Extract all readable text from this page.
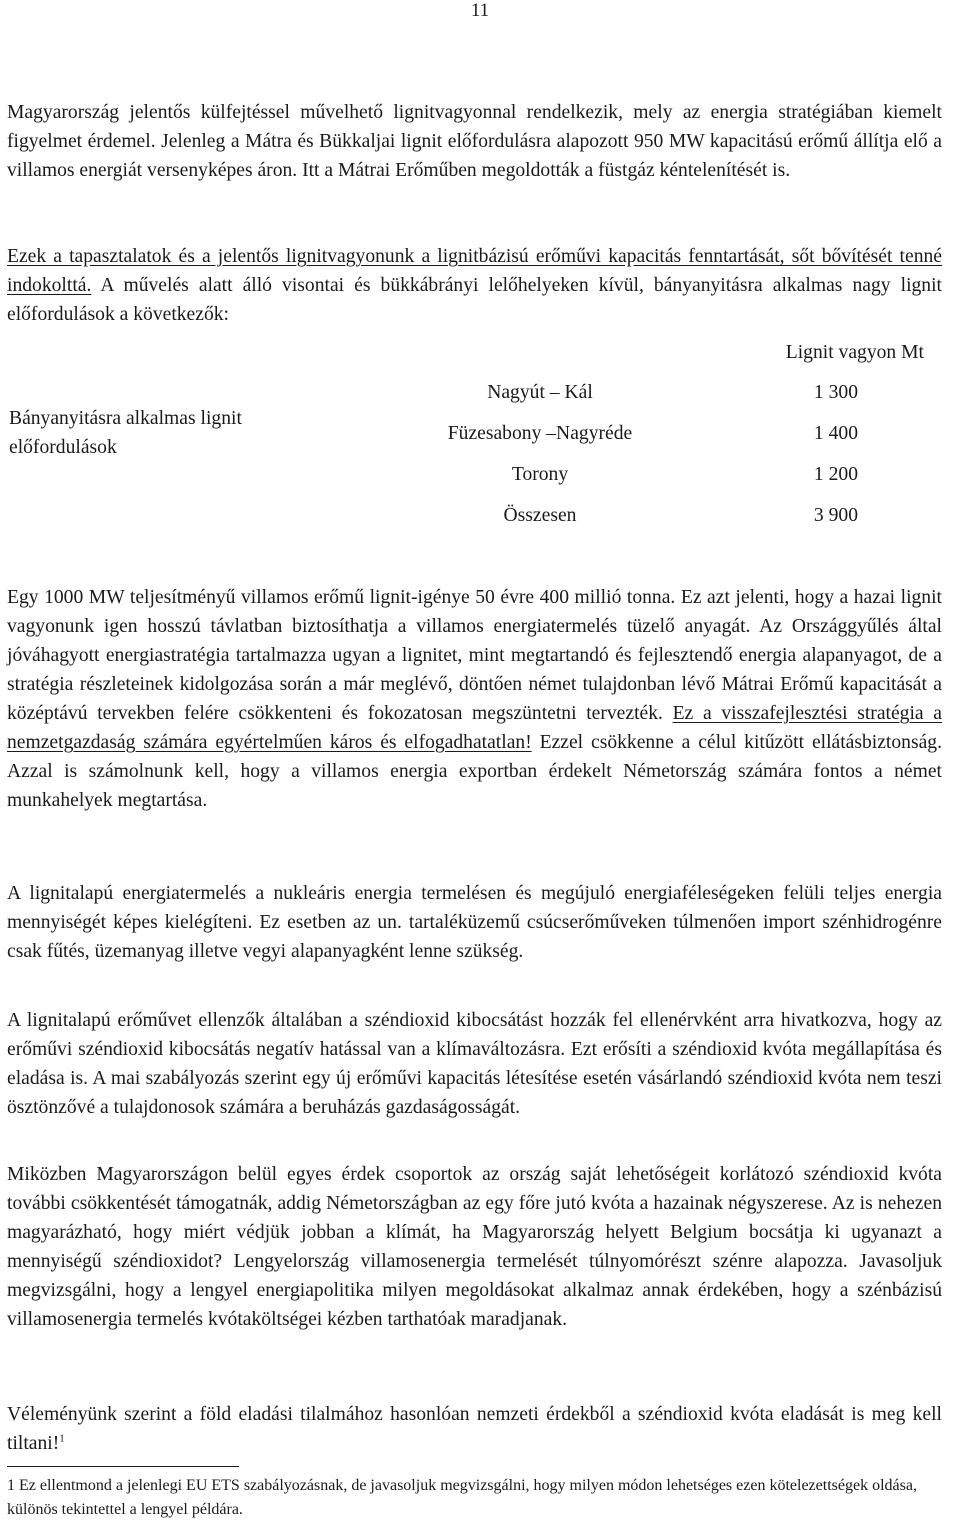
11

Magyarország jelentős külfejtéssel művelhető lignitvagyonnal rendelkezik, mely az energia stratégiában kiemelt figyelmet érdemel. Jelenleg a Mátra és Bükkaljai lignit előfordulásra alapozott 950 MW kapacitású erőmű állítja elő a villamos energiát versenyképes áron. Itt a Mátrai Erőműben megoldották a füstgáz kéntelenítését is.

Ezek a tapasztalatok és a jelentős lignitvagyonunk a lignitbázisú erőművi kapacitás fenntartását, sőt bővítését tenné indokolttá. A művelés alatt álló visontai és bükkábrányi lelőhelyeken kívül, bányanyitásra alkalmas nagy lignit előfordulások a következők:

Lignit vagyon Mt
Bányanyitásra alkalmas lignit előfordulások
Nagyút – Kál	1 300
Füzesabony –Nagyréde	1 400
Torony	1 200
Összesen	3 900

Egy 1000 MW teljesítményű villamos erőmű lignit-igénye 50 évre 400 millió tonna. Ez azt jelenti, hogy a hazai lignit vagyonunk igen hosszú távlatban biztosíthatja a villamos energiatermelés tüzelő anyagát. Az Országgyűlés által jóváhagyott energiastratégia tartalmazza ugyan a lignitet, mint megtartandó és fejlesztendő energia alapanyagot, de a stratégia részleteinek kidolgozása során a már meglévő, döntően német tulajdonban lévő Mátrai Erőmű kapacitását a középtávú tervekben felére csökkenteni és fokozatosan megszüntetni tervezték. Ez a visszafejlesztési stratégia a nemzetgazdaság számára egyértelműen káros és elfogadhatatlan! Ezzel csökkenne a célul kitűzött ellátásbiztonság. Azzal is számolnunk kell, hogy a villamos energia exportban érdekelt Németország számára fontos a német munkahelyek megtartása.

A lignitalapú energiatermelés a nukleáris energia termelésen és megújuló energiaféleségeken felüli teljes energia mennyiségét képes kielégíteni. Ez esetben az un. tartaléküzemű csúcserőműveken túlmenően import szénhidrogénre csak fűtés, üzemanyag illetve vegyi alapanyagként lenne szükség.

A lignitalapú erőművet ellenzők általában a széndioxid kibocsátást hozzák fel ellenérvként arra hivatkozva, hogy az erőművi széndioxid kibocsátás negatív hatással van a klímaváltozásra. Ezt erősíti a széndioxid kvóta megállapítása és eladása is. A mai szabályozás szerint egy új erőművi kapacitás létesítése esetén vásárlandó széndioxid kvóta nem teszi ösztönzővé a tulajdonosok számára a beruházás gazdaságosságát.

Miközben Magyarországon belül egyes érdek csoportok az ország saját lehetőségeit korlátozó széndioxid kvóta további csökkentését támogatnák, addig Németországban az egy főre jutó kvóta a hazainak négyszerese. Az is nehezen magyarázható, hogy miért védjük jobban a klímát, ha Magyarország helyett Belgium bocsátja ki ugyanazt a mennyiségű széndioxidot? Lengyelország villamosenergia termelését túlnyomórészt szénre alapozza. Javasoljuk megvizsgálni, hogy a lengyel energiapolitika milyen megoldásokat alkalmaz annak érdekében, hogy a szénbázisú villamosenergia termelés kvótaköltségei kézben tarthatóak maradjanak.

Véleményünk szerint a föld eladási tilalmához hasonlóan nemzeti érdekből a széndioxid kvóta eladását is meg kell tiltani!$^1$

1 Ez ellentmond a jelenlegi EU ETS szabályozásnak, de javasoljuk megvizsgálni, hogy milyen módon lehetséges ezen kötelezettségek oldása, különös tekintettel a lengyel példára.
